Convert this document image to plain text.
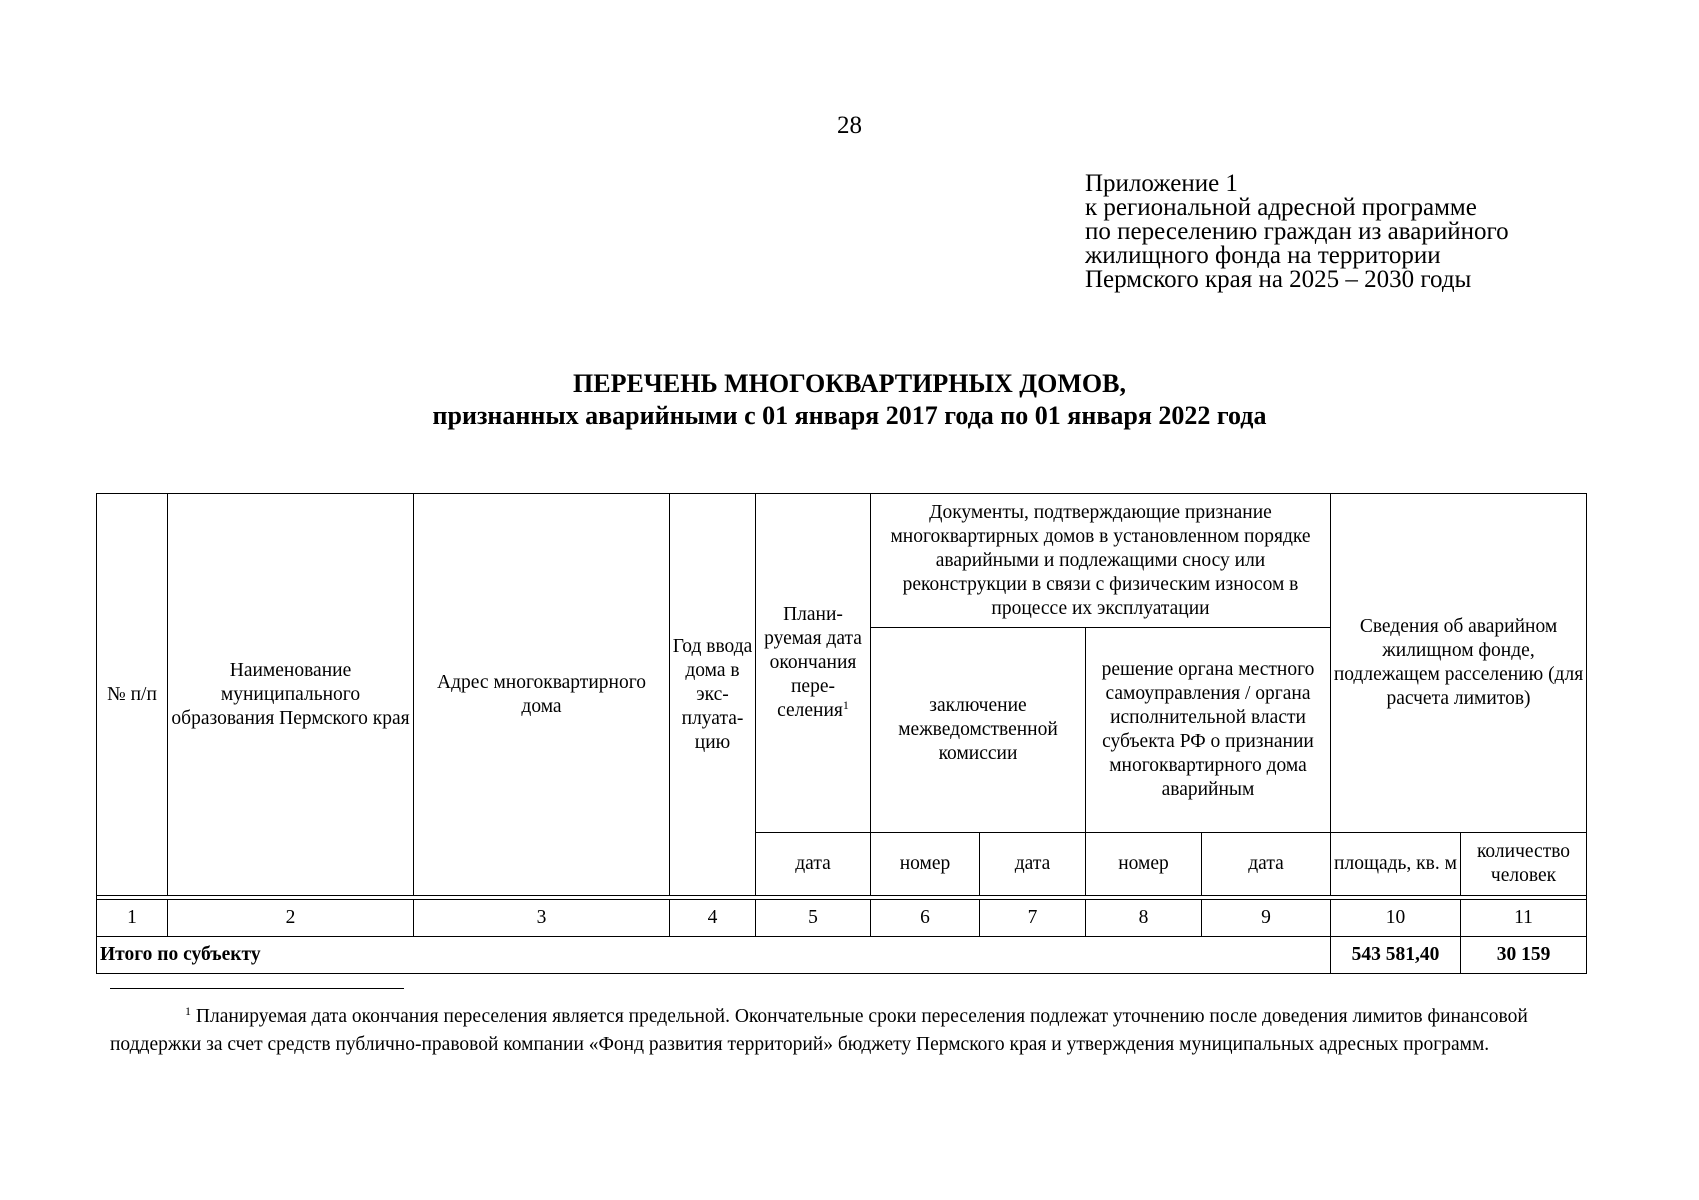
28
Приложение 1
к региональной адресной программе
по переселению граждан из аварийного
жилищного фонда на территории
Пермского края на 2025 – 2030 годы
ПЕРЕЧЕНЬ МНОГОКВАРТИРНЫХ ДОМОВ,
признанных аварийными с 01 января 2017 года по 01 января 2022 года
№ п/п	Наименование муниципального образования Пермского края	Адрес многоквартирного дома	Год ввода дома в экс- плуата- цию	Плани- руемая дата окончания пере- селения$^1$	Документы, подтверждающие признание многоквартирных домов в установленном порядке аварийными и подлежащими сносу или реконструкции в связи с физическим износом в процессе их эксплуатации				Сведения об аварийном жилищном фонде, подлежащем расселению (для расчета лимитов)	
					заключение межведомственной комиссии		решение органа местного самоуправления / органа исполнительной власти субъекта РФ о признании многоквартирного дома аварийным			
				дата	номер	дата	номер	дата	площадь, кв. м	количество человек

1	2	3	4	5	6	7	8	9	10	11
Итого по субъекту									543 581,40	30 159
$^1$ Планируемая дата окончания переселения является предельной. Окончательные сроки переселения подлежат уточнению после доведения лимитов финансовой поддержки за счет средств публично-правовой компании «Фонд развития территорий» бюджету Пермского края и утверждения муниципальных адресных программ.
